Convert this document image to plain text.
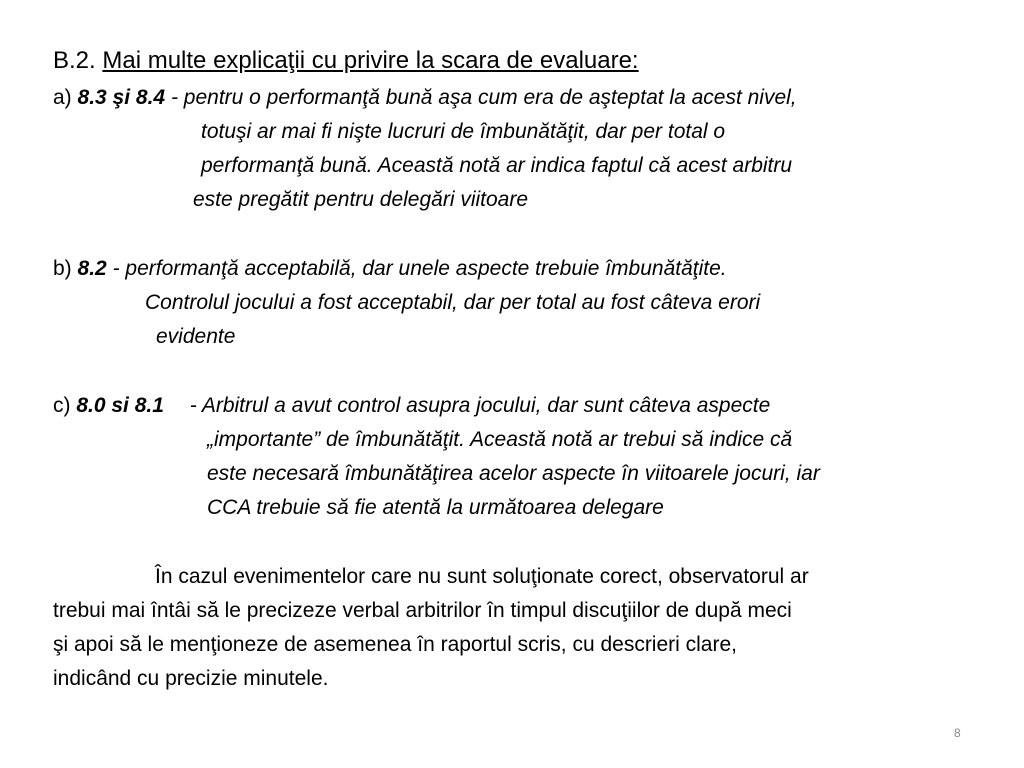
B.2. Mai multe explicaţii cu privire la scara de evaluare:
a) 8.3 şi 8.4 - pentru o performanţă bună aşa cum era de aşteptat la acest nivel,
totuşi ar mai fi nişte lucruri de îmbunătăţit, dar per total o
performanţă bună. Această notă ar indica faptul că acest arbitru
este pregătit pentru delegări viitoare
b) 8.2 - performanţă acceptabilă, dar unele aspecte trebuie îmbunătăţite.
Controlul jocului a fost acceptabil, dar per total au fost câteva erori
evidente
c) 8.0 si 8.1 - Arbitrul a avut control asupra jocului, dar sunt câteva aspecte
„importante” de îmbunătăţit. Această notă ar trebui să indice că
este necesară îmbunătăţirea acelor aspecte în viitoarele jocuri, iar
CCA trebuie să fie atentă la următoarea delegare
În cazul evenimentelor care nu sunt soluţionate corect, observatorul ar
trebui mai întâi să le precizeze verbal arbitrilor în timpul discuţiilor de după meci
şi apoi să le menţioneze de asemenea în raportul scris, cu descrieri clare,
indicând cu precizie minutele.
8
